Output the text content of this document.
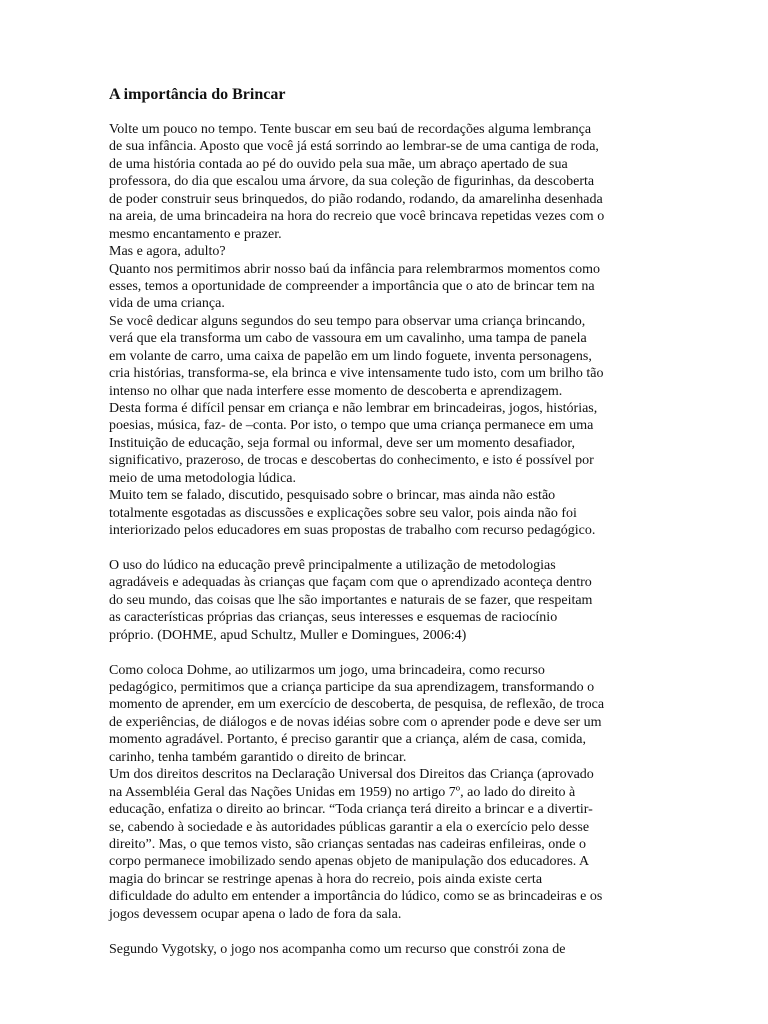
A importância do Brincar
Volte um pouco no tempo. Tente buscar em seu baú de recordações alguma lembrança
de sua infância. Aposto que você já está sorrindo ao lembrar-se de uma cantiga de roda,
de uma história contada ao pé do ouvido pela sua mãe, um abraço apertado de sua
professora, do dia que escalou uma árvore, da sua coleção de figurinhas, da descoberta
de poder construir seus brinquedos, do pião rodando, rodando, da amarelinha desenhada
na areia, de uma brincadeira na hora do recreio que você brincava repetidas vezes com o
mesmo encantamento e prazer.
Mas e agora, adulto?
Quanto nos permitimos abrir nosso baú da infância para relembrarmos momentos como
esses, temos a oportunidade de compreender a importância que o ato de brincar tem na
vida de uma criança.
Se você dedicar alguns segundos do seu tempo para observar uma criança brincando,
verá que ela transforma um cabo de vassoura em um cavalinho, uma tampa de panela
em volante de carro, uma caixa de papelão em um lindo foguete, inventa personagens,
cria histórias, transforma-se, ela brinca e vive intensamente tudo isto, com um brilho tão
intenso no olhar que nada interfere esse momento de descoberta e aprendizagem.
Desta forma é difícil pensar em criança e não lembrar em brincadeiras, jogos, histórias,
poesias, música, faz- de –conta. Por isto, o tempo que uma criança permanece em uma
Instituição de educação, seja formal ou informal, deve ser um momento desafiador,
significativo, prazeroso, de trocas e descobertas do conhecimento, e isto é possível por
meio de uma metodologia lúdica.
Muito tem se falado, discutido, pesquisado sobre o brincar, mas ainda não estão
totalmente esgotadas as discussões e explicações sobre seu valor, pois ainda não foi
interiorizado pelos educadores em suas propostas de trabalho com recurso pedagógico.

O uso do lúdico na educação prevê principalmente a utilização de metodologias
agradáveis e adequadas às crianças que façam com que o aprendizado aconteça dentro
do seu mundo, das coisas que lhe são importantes e naturais de se fazer, que respeitam
as características próprias das crianças, seus interesses e esquemas de raciocínio
próprio. (DOHME, apud Schultz, Muller e Domingues, 2006:4)

Como coloca Dohme, ao utilizarmos um jogo, uma brincadeira, como recurso
pedagógico, permitimos que a criança participe da sua aprendizagem, transformando o
momento de aprender, em um exercício de descoberta, de pesquisa, de reflexão, de troca
de experiências, de diálogos e de novas idéias sobre com o aprender pode e deve ser um
momento agradável. Portanto, é preciso garantir que a criança, além de casa, comida,
carinho, tenha também garantido o direito de brincar.
Um dos direitos descritos na Declaração Universal dos Direitos das Criança (aprovado
na Assembléia Geral das Nações Unidas em 1959) no artigo 7º, ao lado do direito à
educação, enfatiza o direito ao brincar. “Toda criança terá direito a brincar e a divertir-
se, cabendo à sociedade e às autoridades públicas garantir a ela o exercício pelo desse
direito”. Mas, o que temos visto, são crianças sentadas nas cadeiras enfileiras, onde o
corpo permanece imobilizado sendo apenas objeto de manipulação dos educadores. A
magia do brincar se restringe apenas à hora do recreio, pois ainda existe certa
dificuldade do adulto em entender a importância do lúdico, como se as brincadeiras e os
jogos devessem ocupar apena o lado de fora da sala.

Segundo Vygotsky, o jogo nos acompanha como um recurso que constrói zona de
